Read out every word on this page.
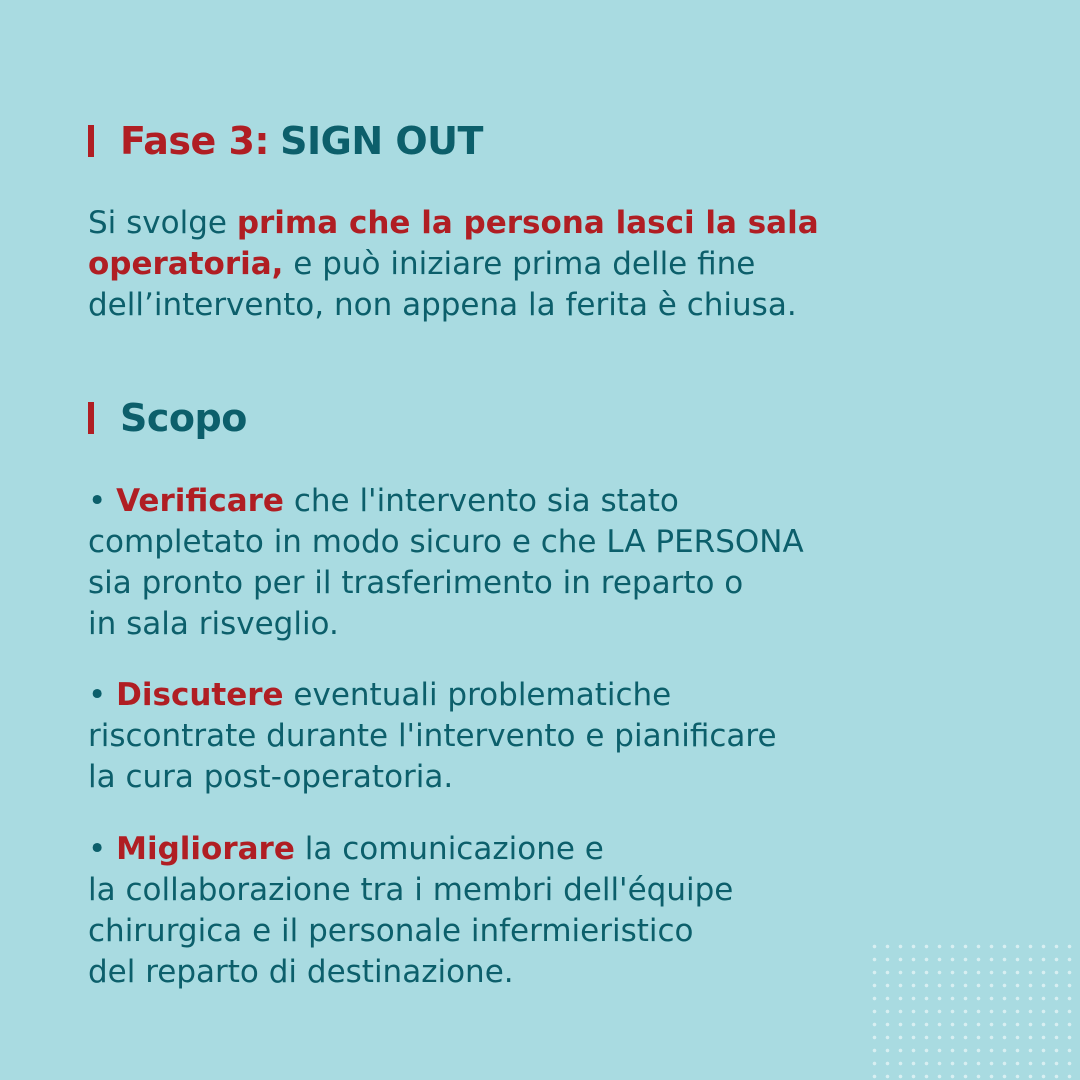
Fase 3: SIGN OUT
Si svolge prima che la persona lasci la sala
operatoria, e può iniziare prima delle fine
dell’intervento, non appena la ferita è chiusa.
Scopo
• Verificare che l'intervento sia stato
completato in modo sicuro e che LA PERSONA
sia pronto per il trasferimento in reparto o
in sala risveglio.
• Discutere eventuali problematiche
riscontrate durante l'intervento e pianificare
la cura post-operatoria.
• Migliorare la comunicazione e
la collaborazione tra i membri dell'équipe
chirurgica e il personale infermieristico
del reparto di destinazione.
